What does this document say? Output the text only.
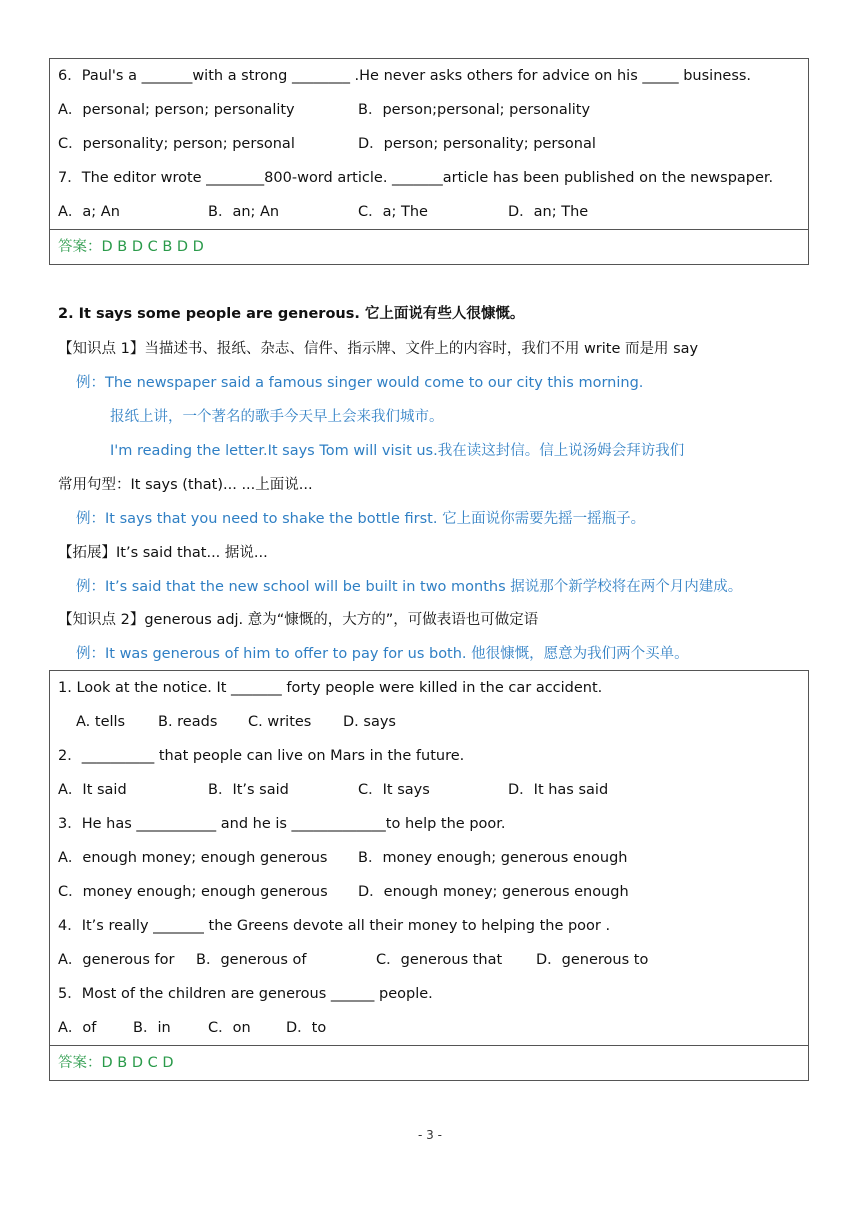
6．Paul's a _______with a strong ________ .He never asks others for advice on his _____ business.
A．personal; person; personality	B．person;personal; personality
C．personality; person; personal	D．person; personality; personal
7．The editor wrote ________800-word article. _______article has been published on the newspaper.
A．a; An	B．an; An	C．a; The	D．an; The
答案：D B D C B D D
2. It says some people are generous. 它上面说有些人很慷慨。
【知识点 1】当描述书、报纸、杂志、信件、指示牌、文件上的内容时，我们不用 write 而是用 say
例：The newspaper said a famous singer would come to our city this morning.
报纸上讲，一个著名的歌手今天早上会来我们城市。
I'm reading the letter.It says Tom will visit us.我在读这封信。信上说汤姆会拜访我们
常用句型：It says (that)... ...上面说...
例：It says that you need to shake the bottle first. 它上面说你需要先摇一摇瓶子。
【拓展】It’s said that... 据说...
例：It’s said that the new school will be built in two months 据说那个新学校将在两个月内建成。
【知识点 2】generous adj. 意为“慷慨的，大方的”，可做表语也可做定语
例：It was generous of him to offer to pay for us both. 他很慷慨，愿意为我们两个买单。
1. Look at the notice. It _______ forty people were killed in the car accident.
A. tells B. reads C. writes D. says
2．__________ that people can live on Mars in the future.
A．It said	B．It’s said	C．It says	D．It has said
3．He has ___________ and he is _____________to help the poor.
A．enough money; enough generous B．money enough; generous enough
C．money enough; enough generous D．enough money; generous enough
4．It’s really _______ the Greens devote all their money to helping the poor .
A．generous for B．generous of	C．generous that D．generous to
5．Most of the children are generous ______ people.
A．of	B．in	C．on D．to
答案：D B D C D
- 3 -
